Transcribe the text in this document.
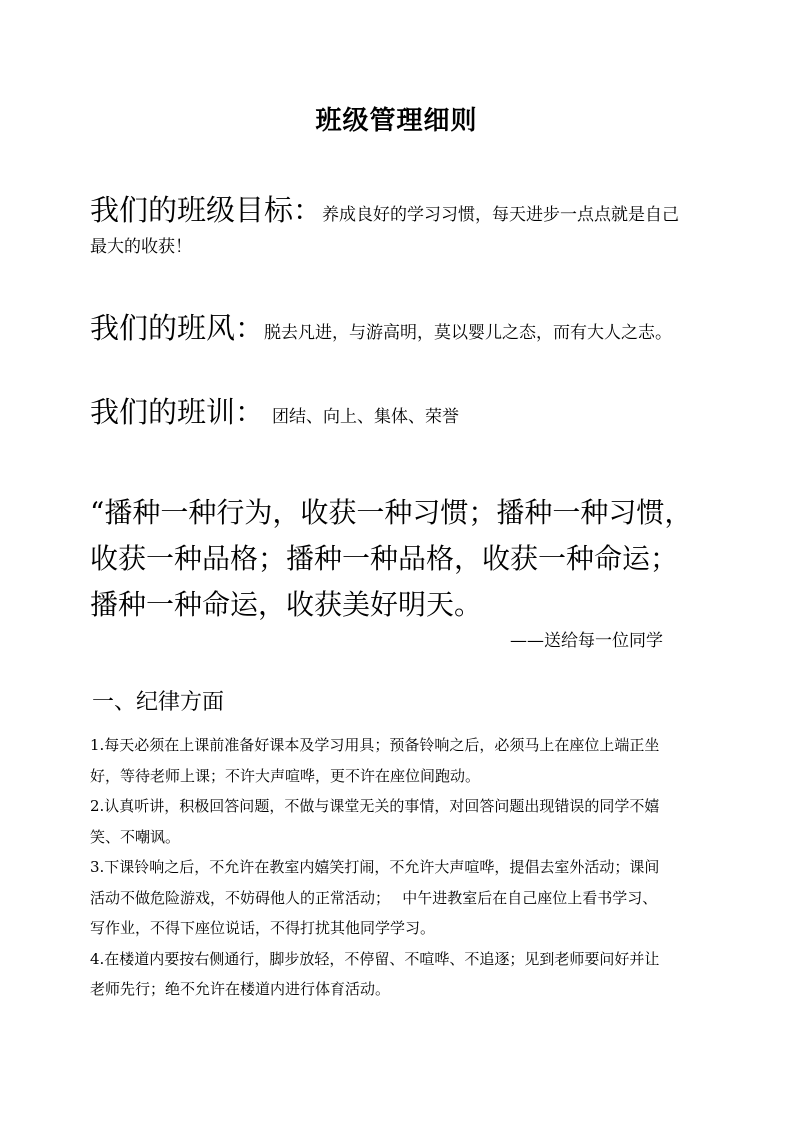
班级管理细则
我们的班级目标：养成良好的学习习惯，每天进步一点点就是自己
最大的收获！
我们的班风：脱去凡进，与游高明，莫以婴儿之态，而有大人之志。
我们的班训： 团结、向上、集体、荣誉
“播种一种行为，收获一种习惯；播种一种习惯，
收获一种品格；播种一种品格，收获一种命运；
播种一种命运，收获美好明天。
——送给每一位同学
一、纪律方面

1.每天必须在上课前准备好课本及学习用具；预备铃响之后，必须马上在座位上端正坐

好，等待老师上课；不许大声喧哗，更不许在座位间跑动。

2.认真听讲，积极回答问题，不做与课堂无关的事情，对回答问题出现错误的同学不嬉

笑、不嘲讽。

3.下课铃响之后，不允许在教室内嬉笑打闹，不允许大声喧哗，提倡去室外活动；课间

活动不做危险游戏，不妨碍他人的正常活动；　 中午进教室后在自己座位上看书学习、

写作业，不得下座位说话，不得打扰其他同学学习。

4.在楼道内要按右侧通行，脚步放轻，不停留、不喧哗、不追逐；见到老师要问好并让

老师先行；绝不允许在楼道内进行体育活动。
